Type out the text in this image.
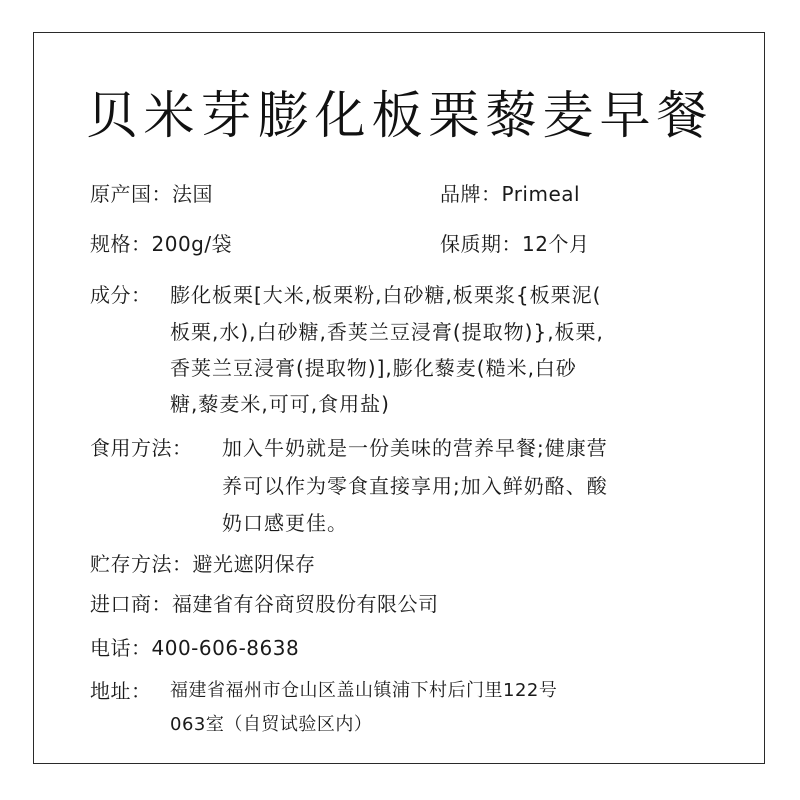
贝米芽膨化板栗藜麦早餐
原产国：法国	品牌：Primeal
规格：200g/袋	保质期：12个月
成分： 膨化板栗[大米,板栗粉,白砂糖,板栗浆{板栗泥(
板栗,水),白砂糖,香荚兰豆浸膏(提取物)},板栗,
香荚兰豆浸膏(提取物)],膨化藜麦(糙米,白砂
糖,藜麦米,可可,食用盐)
食用方法： 加入牛奶就是一份美味的营养早餐;健康营
养可以作为零食直接享用;加入鲜奶酪、酸
奶口感更佳。
贮存方法：避光遮阴保存
进口商：福建省有谷商贸股份有限公司
电话：400-606-8638
地址： 福建省福州市仓山区盖山镇浦下村后门里122号
063室（自贸试验区内）
